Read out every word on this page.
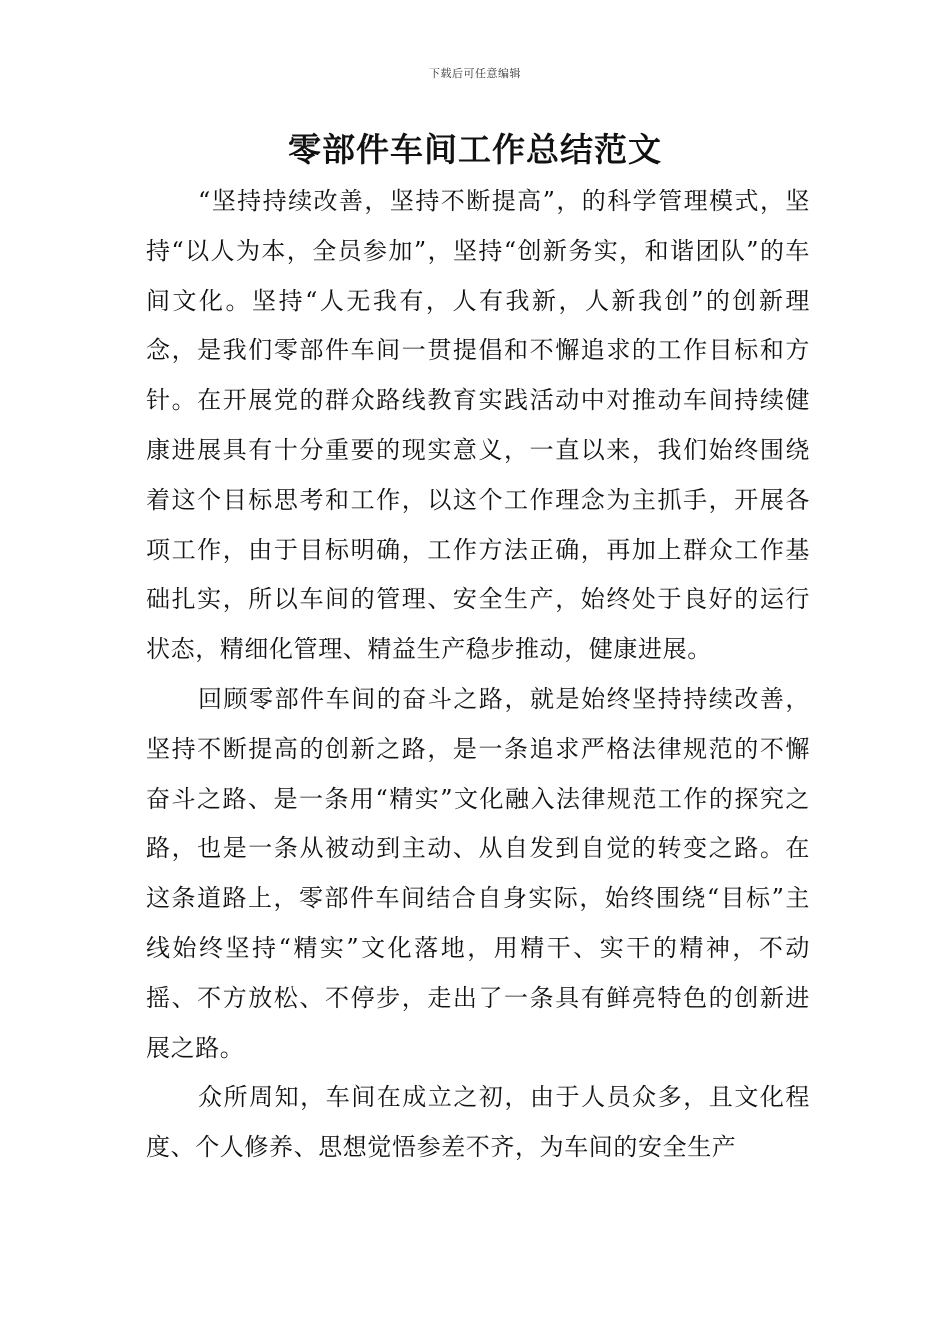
下载后可任意编辑
零部件车间工作总结范文

“坚持持续改善，坚持不断提高”，的科学管理模式，坚持“以人为本，全员参加”，坚持“创新务实，和谐团队”的车间文化。坚持“人无我有，人有我新，人新我创”的创新理念，是我们零部件车间一贯提倡和不懈追求的工作目标和方针。在开展党的群众路线教育实践活动中对推动车间持续健康进展具有十分重要的现实意义，一直以来，我们始终围绕着这个目标思考和工作，以这个工作理念为主抓手，开展各项工作，由于目标明确，工作方法正确，再加上群众工作基础扎实，所以车间的管理、安全生产，始终处于良好的运行状态，精细化管理、精益生产稳步推动，健康进展。

回顾零部件车间的奋斗之路，就是始终坚持持续改善，坚持不断提高的创新之路，是一条追求严格法律规范的不懈奋斗之路、是一条用“精实”文化融入法律规范工作的探究之路，也是一条从被动到主动、从自发到自觉的转变之路。在这条道路上，零部件车间结合自身实际，始终围绕“目标”主线始终坚持“精实”文化落地，用精干、实干的精神，不动摇、不方放松、不停步，走出了一条具有鲜亮特色的创新进展之路。

众所周知，车间在成立之初，由于人员众多，且文化程度、个人修养、思想觉悟参差不齐，为车间的安全生产
